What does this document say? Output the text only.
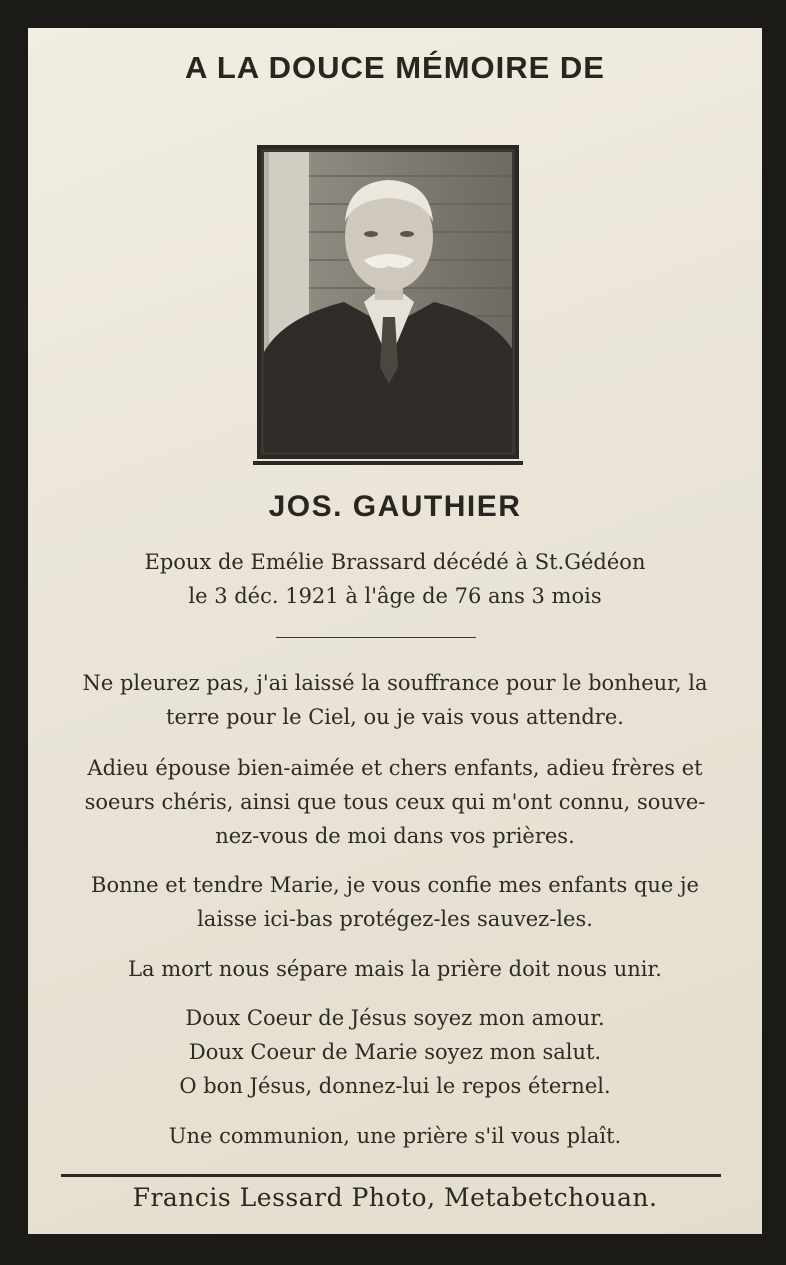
A LA DOUCE MÉMOIRE DE
JOS. GAUTHIER
Epoux de Emélie Brassard décédé à St.Gédéon
le 3 déc. 1921 à l'âge de 76 ans 3 mois
Ne pleurez pas, j'ai laissé la souffrance pour le bonheur, la
terre pour le Ciel, ou je vais vous attendre.
Adieu épouse bien-aimée et chers enfants, adieu frères et
soeurs chéris, ainsi que tous ceux qui m'ont connu, souve-
nez-vous de moi dans vos prières.
Bonne et tendre Marie, je vous confie mes enfants que je
laisse ici-bas protégez-les sauvez-les.
La mort nous sépare mais la prière doit nous unir.
Doux Coeur de Jésus soyez mon amour.
Doux Coeur de Marie soyez mon salut.
O bon Jésus, donnez-lui le repos éternel.
Une communion, une prière s'il vous plaît.
Francis Lessard Photo, Metabetchouan.
